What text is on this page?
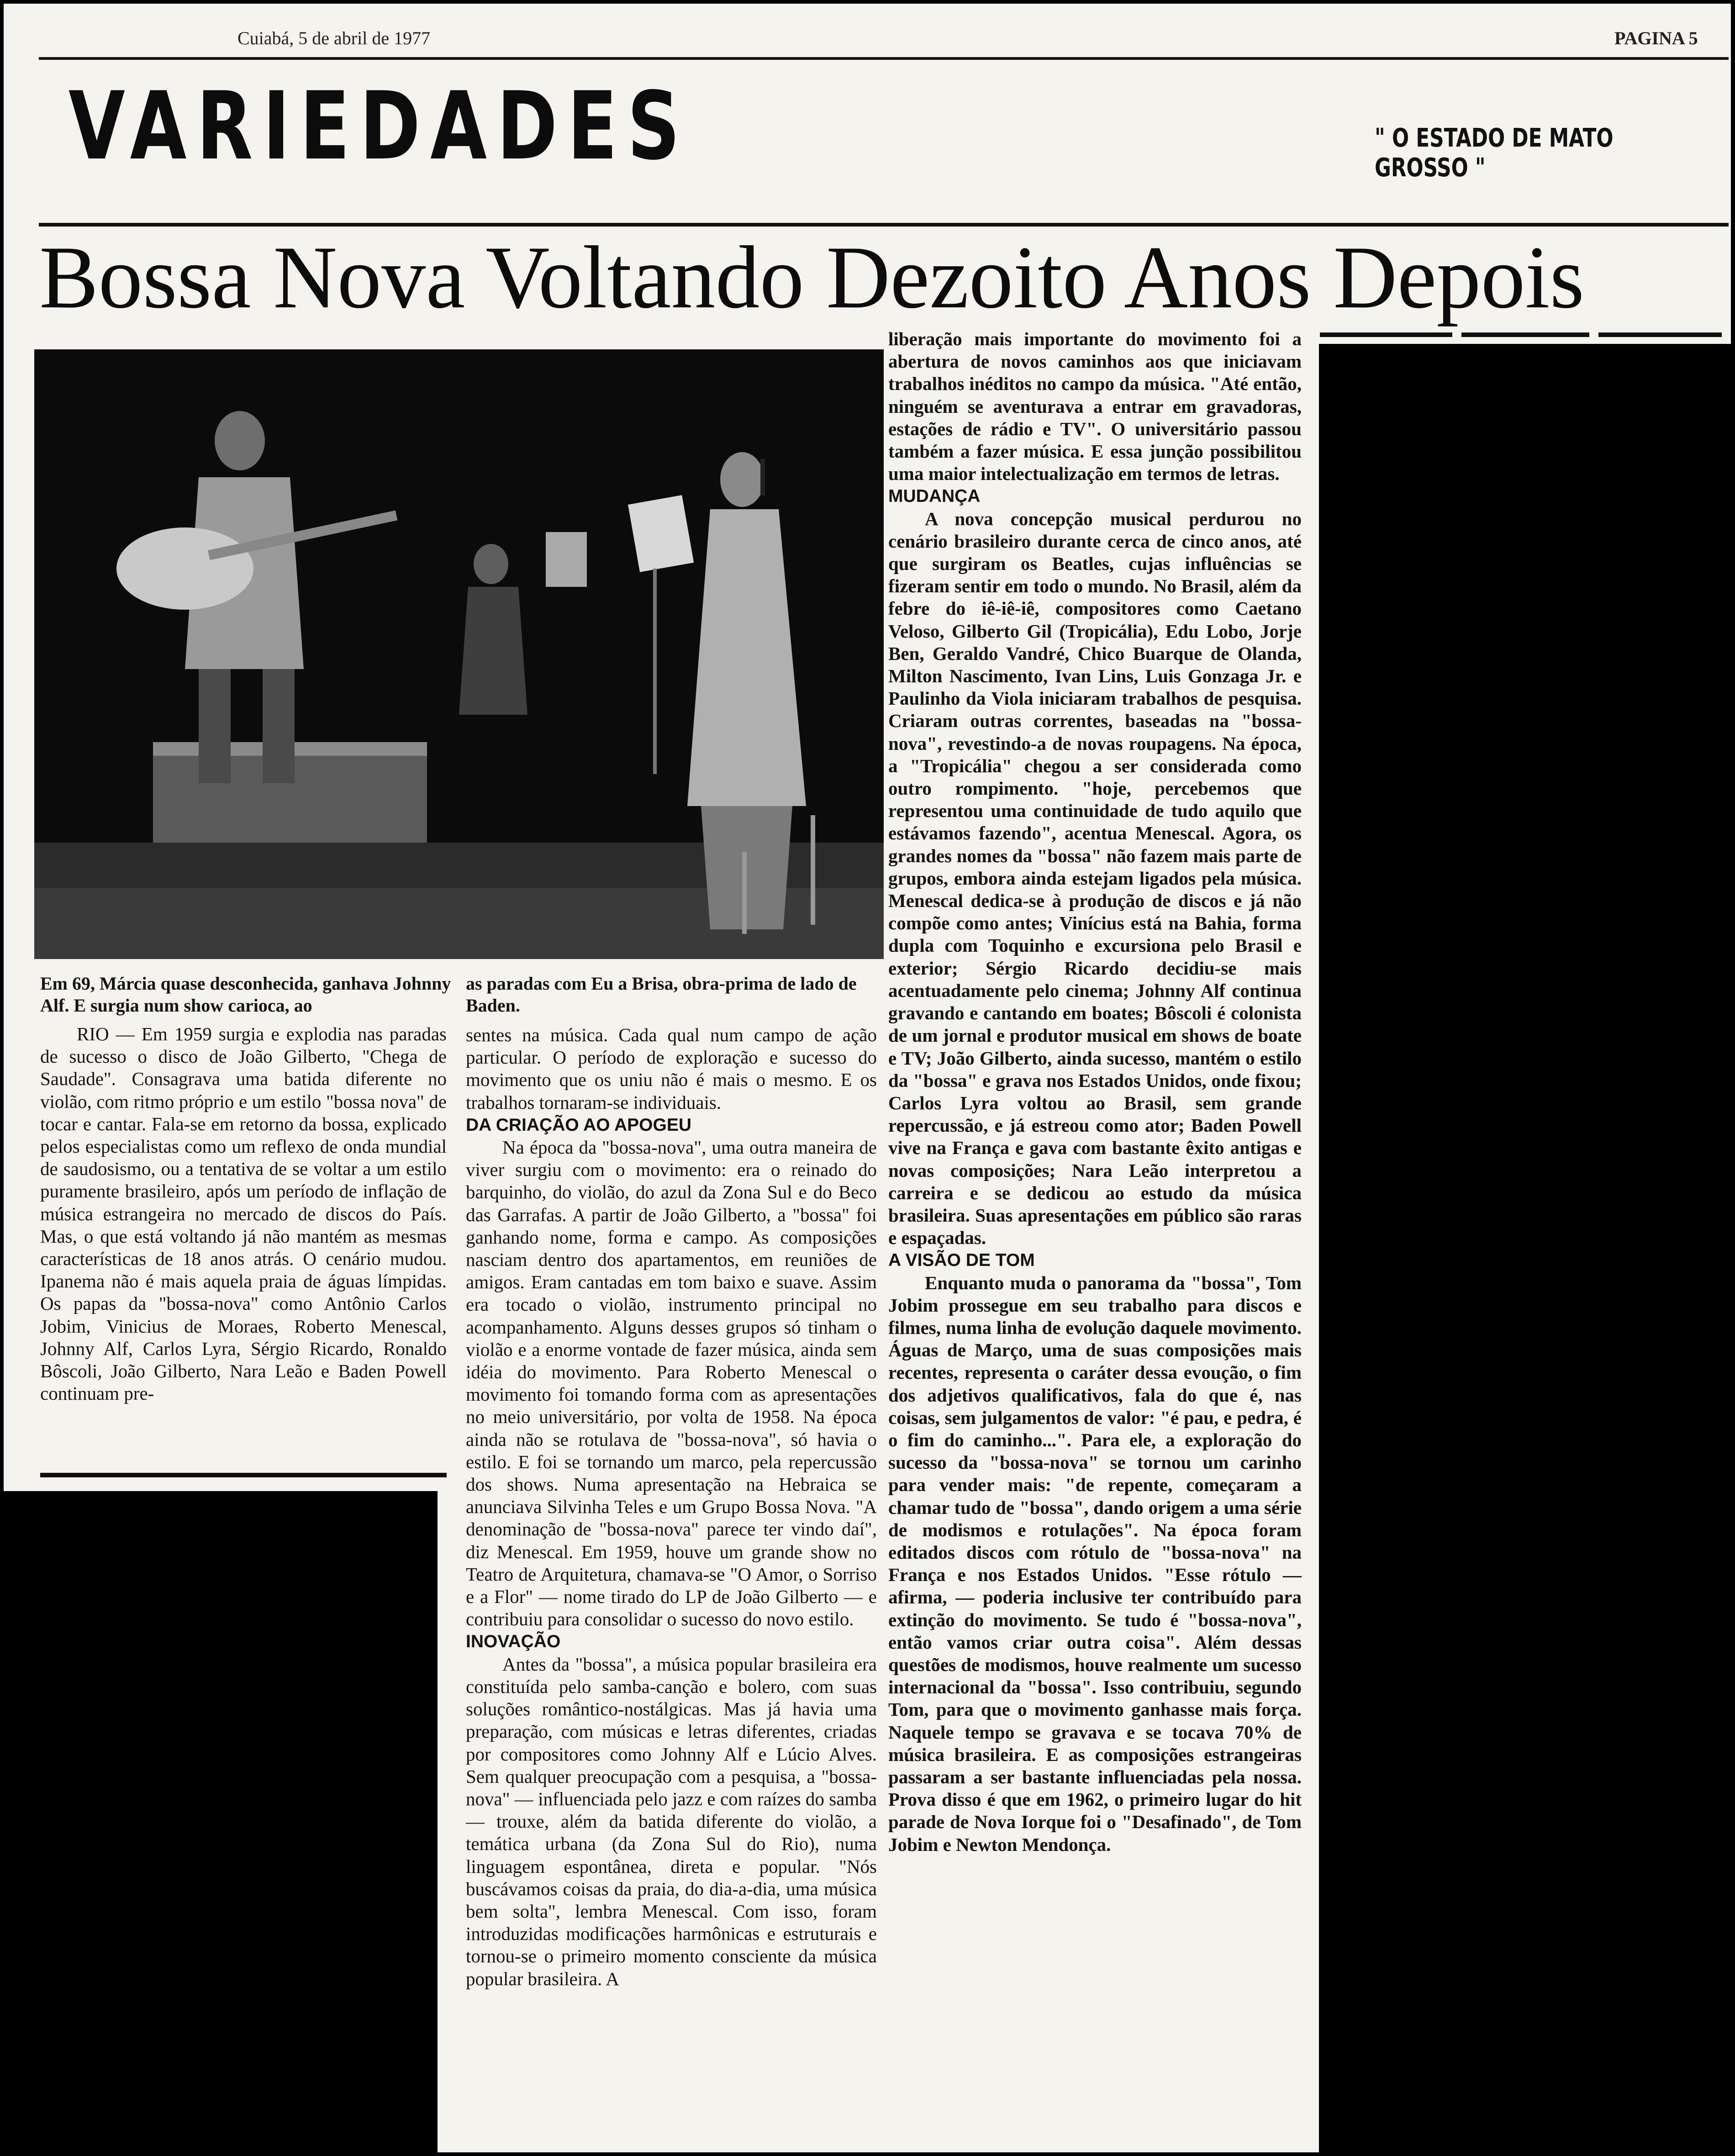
Cuiabá, 5 de abril de 1977	PAGINA 5
VARIEDADES	" O ESTADO DE MATO GROSSO "
Bossa Nova Voltando Dezoito Anos Depois
Em 69, Márcia quase desconhecida, ganhava Johnny Alf. E surgia num show carioca, ao
as paradas com Eu a Brisa, obra-prima de lado de Baden.

RIO — Em 1959 surgia e explodia nas paradas de sucesso o disco de João Gilberto, "Chega de Saudade". Consagrava uma batida diferente no violão, com ritmo próprio e um estilo "bossa nova" de tocar e cantar. Fala-se em retorno da bossa, explicado pelos especialistas como um reflexo de onda mundial de saudosismo, ou a tentativa de se voltar a um estilo puramente brasileiro, após um período de inflação de música estrangeira no mercado de discos do País. Mas, o que está voltando já não mantém as mesmas características de 18 anos atrás. O cenário mudou. Ipanema não é mais aquela praia de águas límpidas. Os papas da "bossa-nova" como Antônio Carlos Jobim, Vinicius de Moraes, Roberto Menescal, Johnny Alf, Carlos Lyra, Sérgio Ricardo, Ronaldo Bôscoli, João Gilberto, Nara Leão e Baden Powell continuam pre-

sentes na música. Cada qual num campo de ação particular. O período de exploração e sucesso do movimento que os uniu não é mais o mesmo. E os trabalhos tornaram-se individuais.

DA CRIAÇÃO AO APOGEU

Na época da "bossa-nova", uma outra maneira de viver surgiu com o movimento: era o reinado do barquinho, do violão, do azul da Zona Sul e do Beco das Garrafas. A partir de João Gilberto, a "bossa" foi ganhando nome, forma e campo. As composições nasciam dentro dos apartamentos, em reuniões de amigos. Eram cantadas em tom baixo e suave. Assim era tocado o violão, instrumento principal no acompanhamento. Alguns desses grupos só tinham o violão e a enorme vontade de fazer música, ainda sem idéia do movimento. Para Roberto Menescal o movimento foi tomando forma com as apresentações no meio universitário, por volta de 1958. Na época ainda não se rotulava de "bossa-nova", só havia o estilo. E foi se tornando um marco, pela repercussão dos shows. Numa apresentação na Hebraica se anunciava Silvinha Teles e um Grupo Bossa Nova. "A denominação de "bossa-nova" parece ter vindo daí", diz Menescal. Em 1959, houve um grande show no Teatro de Arquitetura, chamava-se "O Amor, o Sorriso e a Flor" — nome tirado do LP de João Gilberto — e contribuiu para consolidar o sucesso do novo estilo.

INOVAÇÃO

Antes da "bossa", a música popular brasileira era constituída pelo samba-canção e bolero, com suas soluções romântico-nostálgicas. Mas já havia uma preparação, com músicas e letras diferentes, criadas por compositores como Johnny Alf e Lúcio Alves. Sem qualquer preocupação com a pesquisa, a "bossa-nova" — influenciada pelo jazz e com raízes do samba — trouxe, além da batida diferente do violão, a temática urbana (da Zona Sul do Rio), numa linguagem espontânea, direta e popular. "Nós buscávamos coisas da praia, do dia-a-dia, uma música bem solta", lembra Menescal. Com isso, foram introduzidas modificações harmônicas e estruturais e tornou-se o primeiro momento consciente da música popular brasileira. A

liberação mais importante do movimento foi a abertura de novos caminhos aos que iniciavam trabalhos inéditos no campo da música. "Até então, ninguém se aventurava a entrar em gravadoras, estações de rádio e TV". O universitário passou também a fazer música. E essa junção possibilitou uma maior intelectualização em termos de letras.

MUDANÇA

A nova concepção musical perdurou no cenário brasileiro durante cerca de cinco anos, até que surgiram os Beatles, cujas influências se fizeram sentir em todo o mundo. No Brasil, além da febre do iê-iê-iê, compositores como Caetano Veloso, Gilberto Gil (Tropicália), Edu Lobo, Jorje Ben, Geraldo Vandré, Chico Buarque de Olanda, Milton Nascimento, Ivan Lins, Luis Gonzaga Jr. e Paulinho da Viola iniciaram trabalhos de pesquisa. Criaram outras correntes, baseadas na "bossa-nova", revestindo-a de novas roupagens. Na época, a "Tropicália" chegou a ser considerada como outro rompimento. "hoje, percebemos que representou uma continuidade de tudo aquilo que estávamos fazendo", acentua Menescal. Agora, os grandes nomes da "bossa" não fazem mais parte de grupos, embora ainda estejam ligados pela música. Menescal dedica-se à produção de discos e já não compõe como antes; Vinícius está na Bahia, forma dupla com Toquinho e excursiona pelo Brasil e exterior; Sérgio Ricardo decidiu-se mais acentuadamente pelo cinema; Johnny Alf continua gravando e cantando em boates; Bôscoli é colonista de um jornal e produtor musical em shows de boate e TV; João Gilberto, ainda sucesso, mantém o estilo da "bossa" e grava nos Estados Unidos, onde fixou; Carlos Lyra voltou ao Brasil, sem grande repercussão, e já estreou como ator; Baden Powell vive na França e gava com bastante êxito antigas e novas composições; Nara Leão interpretou a carreira e se dedicou ao estudo da música brasileira. Suas apresentações em público são raras e espaçadas.

A VISÃO DE TOM

Enquanto muda o panorama da "bossa", Tom Jobim prossegue em seu trabalho para discos e filmes, numa linha de evolução daquele movimento. Águas de Março, uma de suas composições mais recentes, representa o caráter dessa evoução, o fim dos adjetivos qualificativos, fala do que é, nas coisas, sem julgamentos de valor: "é pau, e pedra, é o fim do caminho...". Para ele, a exploração do sucesso da "bossa-nova" se tornou um carinho para vender mais: "de repente, começaram a chamar tudo de "bossa", dando origem a uma série de modismos e rotulações". Na época foram editados discos com rótulo de "bossa-nova" na França e nos Estados Unidos. "Esse rótulo — afirma, — poderia inclusive ter contribuído para extinção do movimento. Se tudo é "bossa-nova", então vamos criar outra coisa". Além dessas questões de modismos, houve realmente um sucesso internacional da "bossa". Isso contribuiu, segundo Tom, para que o movimento ganhasse mais força. Naquele tempo se gravava e se tocava 70% de música brasileira. E as composições estrangeiras passaram a ser bastante influenciadas pela nossa. Prova disso é que em 1962, o primeiro lugar do hit parade de Nova Iorque foi o "Desafinado", de Tom Jobim e Newton Mendonça.
